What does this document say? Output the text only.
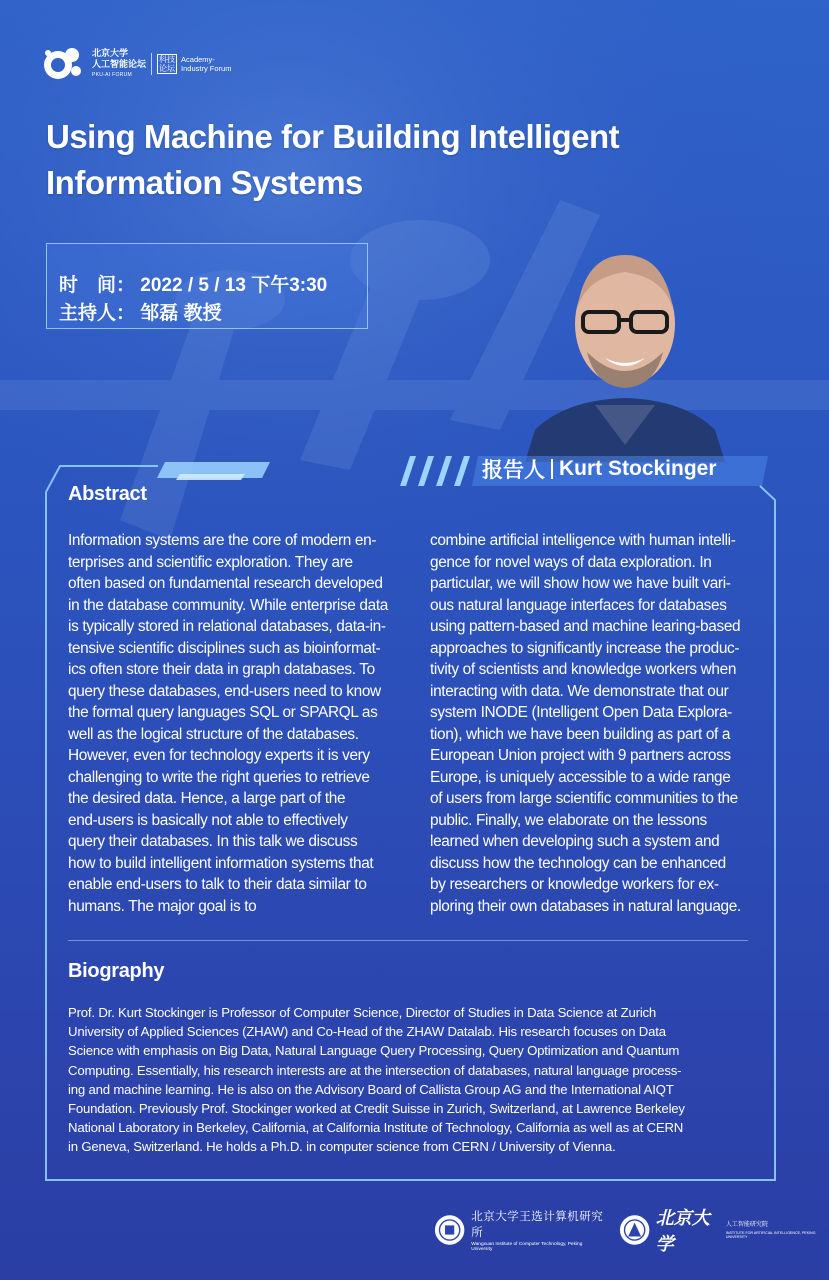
北京大学
人工智能论坛
PKU-AI FORUM
科技论坛
Academy-Industry Forum
Using Machine for Building Intelligent
Information Systems
时　间： 2022 / 5 / 13 下午3:30
主持人： 邹磊 教授
报告人 Kurt Stockinger
Abstract
Information systems are the core of modern en-
terprises and scientific exploration. They are
often based on fundamental research developed
in the database community. While enterprise data
is typically stored in relational databases, data-in-
tensive scientific disciplines such as bioinformat-
ics often store their data in graph databases. To
query these databases, end-users need to know
the formal query languages SQL or SPARQL as
well as the logical structure of the databases.
However, even for technology experts it is very
challenging to write the right queries to retrieve
the desired data. Hence, a large part of the
end-users is basically not able to effectively
query their databases. In this talk we discuss
how to build intelligent information systems that
enable end-users to talk to their data similar to
humans. The major goal is to
combine artificial intelligence with human intelli-
gence for novel ways of data exploration. In
particular, we will show how we have built vari-
ous natural language interfaces for databases
using pattern-based and machine learing-based
approaches to significantly increase the produc-
tivity of scientists and knowledge workers when
interacting with data. We demonstrate that our
system INODE (Intelligent Open Data Explora-
tion), which we have been building as part of a
European Union project with 9 partners across
Europe, is uniquely accessible to a wide range
of users from large scientific communities to the
public. Finally, we elaborate on the lessons
learned when developing such a system and
discuss how the technology can be enhanced
by researchers or knowledge workers for ex-
ploring their own databases in natural language.
Biography
Prof. Dr. Kurt Stockinger is Professor of Computer Science, Director of Studies in Data Science at Zurich
University of Applied Sciences (ZHAW) and Co-Head of the ZHAW Datalab. His research focuses on Data
Science with emphasis on Big Data, Natural Language Query Processing, Query Optimization and Quantum
Computing. Essentially, his research interests are at the intersection of databases, natural language process-
ing and machine learning. He is also on the Advisory Board of Callista Group AG and the International AIQT
Foundation. Previously Prof. Stockinger worked at Credit Suisse in Zurich, Switzerland, at Lawrence Berkeley
National Laboratory in Berkeley, California, at California Institute of Technology, California as well as at CERN
in Geneva, Switzerland. He holds a Ph.D. in computer science from CERN / University of Vienna.
北京大学王选计算机研究所
Wangxuan Institute of Computer Technology, Peking University
北京大学
人工智能研究院
INSTITUTE FOR ARTIFICIAL INTELLIGENCE, PEKING UNIVERSITY
